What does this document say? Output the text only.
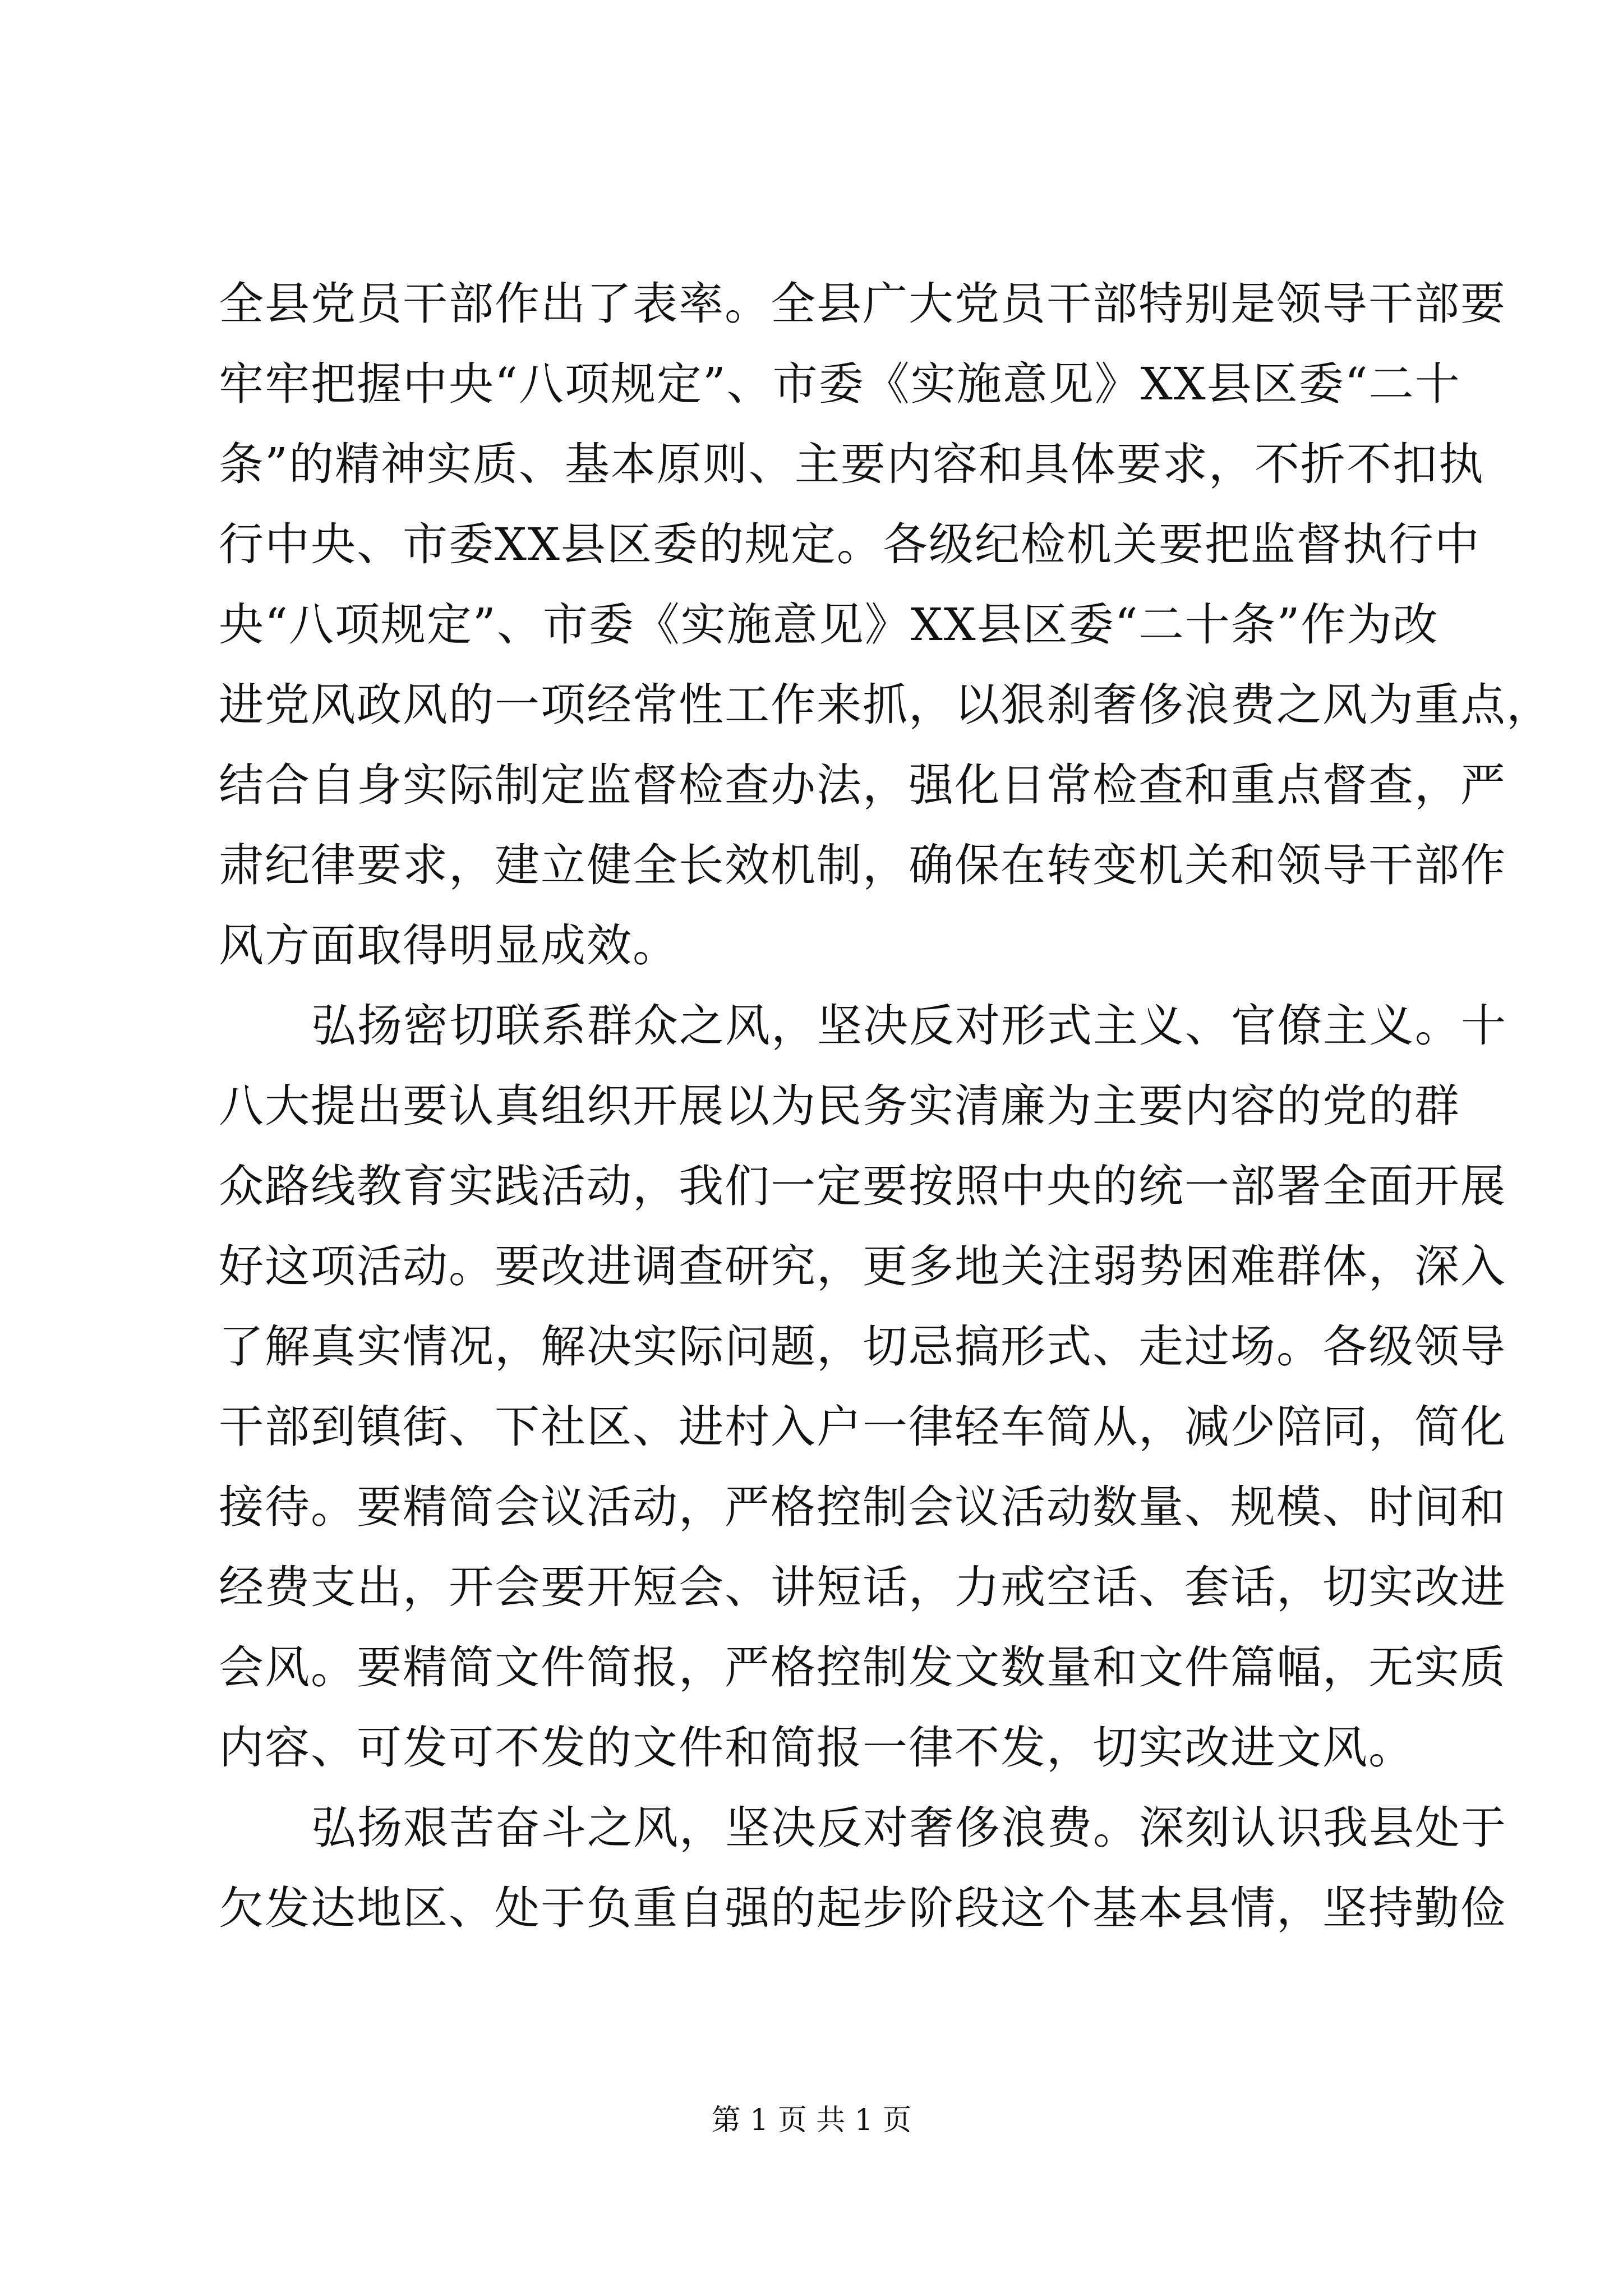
全县党员干部作出了表率。全县广大党员干部特别是领导干部要
牢牢把握中央“八项规定”、市委《实施意见》XX县区委“二十
条”的精神实质、基本原则、主要内容和具体要求，不折不扣执
行中央、市委XX县区委的规定。各级纪检机关要把监督执行中
央“八项规定”、市委《实施意见》XX县区委“二十条”作为改
进党风政风的一项经常性工作来抓，以狠刹奢侈浪费之风为重点，
结合自身实际制定监督检查办法，强化日常检查和重点督查，严
肃纪律要求，建立健全长效机制，确保在转变机关和领导干部作
风方面取得明显成效。
弘扬密切联系群众之风，坚决反对形式主义、官僚主义。十
八大提出要认真组织开展以为民务实清廉为主要内容的党的群
众路线教育实践活动，我们一定要按照中央的统一部署全面开展
好这项活动。要改进调查研究，更多地关注弱势困难群体，深入
了解真实情况，解决实际问题，切忌搞形式、走过场。各级领导
干部到镇街、下社区、进村入户一律轻车简从，减少陪同，简化
接待。要精简会议活动，严格控制会议活动数量、规模、时间和
经费支出，开会要开短会、讲短话，力戒空话、套话，切实改进
会风。要精简文件简报，严格控制发文数量和文件篇幅，无实质
内容、可发可不发的文件和简报一律不发，切实改进文风。
弘扬艰苦奋斗之风，坚决反对奢侈浪费。深刻认识我县处于
欠发达地区、处于负重自强的起步阶段这个基本县情，坚持勤俭
第 1 页 共 1 页
